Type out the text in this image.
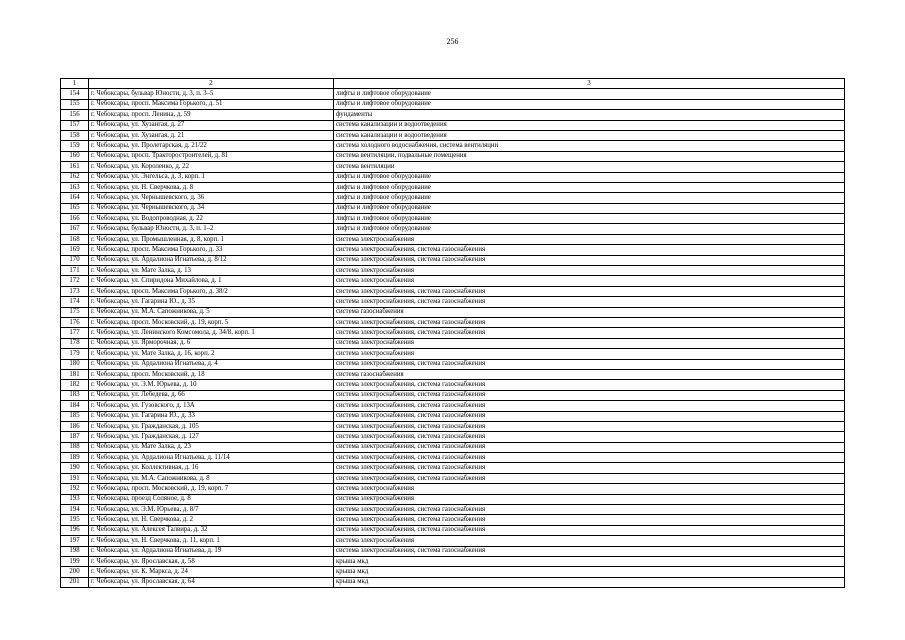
256
1	2	3
154	г. Чебоксары, бульвар Юности, д. 3, п. 3–5	лифты и лифтовое оборудование
155	г. Чебоксары, просп. Максима Горького, д. 51	лифты и лифтовое оборудование
156	г. Чебоксары, просп. Ленина, д. 59	фундаменты
157	г. Чебоксары, ул. Хузангая, д. 27	система канализации и водоотведения
158	г. Чебоксары, ул. Хузангая, д. 21	система канализации и водоотведения
159	г. Чебоксары, ул. Пролетарская, д. 21/22	система холодного водоснабжения, система вентиляции
160	г. Чебоксары, просп. Тракторостроителей, д. 81	система вентиляции, подвальные помещения
161	г. Чебоксары, ул. Короленко, д. 22	система вентиляции
162	г. Чебоксары, ул. Энгельса, д. 3, корп. 1	лифты и лифтовое оборудование
163	г. Чебоксары, ул. Н. Сверчкова, д. 8	лифты и лифтовое оборудование
164	г. Чебоксары, ул. Чернышевского, д. 36	лифты и лифтовое оборудование
165	г. Чебоксары, ул. Чернышевского, д. 34	лифты и лифтовое оборудование
166	г. Чебоксары, ул. Водопроводная, д. 22	лифты и лифтовое оборудование
167	г. Чебоксары, бульвар Юности, д. 3, п. 1–2	лифты и лифтовое оборудование
168	г. Чебоксары, ул. Промышленная, д. 8, корп. 1	система электроснабжения
169	г. Чебоксары, просп. Максима Горького, д. 33	система электроснабжения, система газоснабжения
170	г. Чебоксары, ул. Ардалиона Игнатьева, д. 8/12	система электроснабжения, система газоснабжения
171	г. Чебоксары, ул. Мате Залка, д. 13	система электроснабжения
172	г. Чебоксары, ул. Спиридона Михайлова, д. 1	система электроснабжения
173	г. Чебоксары, просп. Максима Горького, д. 38/2	система электроснабжения, система газоснабжения
174	г. Чебоксары, ул. Гагарина Ю., д. 35	система электроснабжения, система газоснабжения
175	г. Чебоксары, ул. М.А. Сапожникова, д. 5	система газоснабжения
176	г. Чебоксары, просп. Московский, д. 19, корп. 5	система электроснабжения, система газоснабжения
177	г. Чебоксары, ул. Ленинского Комсомола, д. 34/8, корп. 1	система электроснабжения, система газоснабжения
178	г. Чебоксары, ул. Ярморочная, д. 6	система электроснабжения
179	г. Чебоксары, ул. Мате Залка, д. 16, корп. 2	система электроснабжения
180	г. Чебоксары, ул. Ардалиона Игнатьева, д. 4	система электроснабжения, система газоснабжения
181	г. Чебоксары, просп. Московский, д. 18	система газоснабжения
182	г. Чебоксары, ул. Э.М. Юрьева, д. 10	система электроснабжения, система газоснабжения
183	г. Чебоксары, ул. Лебедева, д. 66	система электроснабжения, система газоснабжения
184	г. Чебоксары, ул. Гузовского, д. 13А	система электроснабжения, система газоснабжения
185	г. Чебоксары, ул. Гагарина Ю., д. 33	система электроснабжения, система газоснабжения
186	г. Чебоксары, ул. Гражданская, д. 105	система электроснабжения, система газоснабжения
187	г. Чебоксары, ул. Гражданская, д. 127	система электроснабжения, система газоснабжения
188	г. Чебоксары, ул. Мате Залка, д. 23	система электроснабжения, система газоснабжения
189	г. Чебоксары, ул. Ардалиона Игнатьева, д. 11/14	система электроснабжения, система газоснабжения
190	г. Чебоксары, ул. Коллективная, д. 16	система электроснабжения, система газоснабжения
191	г. Чебоксары, ул. М.А. Сапожникова, д. 8	система электроснабжения, система газоснабжения
192	г. Чебоксары, просп. Московский, д. 19, корп. 7	система электроснабжения
193	г. Чебоксары, проезд Соляное, д. 8	система электроснабжения
194	г. Чебоксары, ул. Э.М. Юрьева, д. 8/7	система электроснабжения, система газоснабжения
195	г. Чебоксары, ул. Н. Сверчкова, д. 2	система электроснабжения, система газоснабжения
196	г. Чебоксары, ул. Алексея Талвира, д. 32	система электроснабжения, система газоснабжения
197	г. Чебоксары, ул. Н. Сверчкова, д. 11, корп. 1	система электроснабжения
198	г. Чебоксары, ул. Ардалиона Игнатьева, д. 19	система электроснабжения, система газоснабжения
199	г. Чебоксары, ул. Ярославская, д. 58	крыша мкд
200	г. Чебоксары, ул. К. Маркса, д. 24	крыша мкд
201	г. Чебоксары, ул. Ярославская, д. 64	крыша мкд
